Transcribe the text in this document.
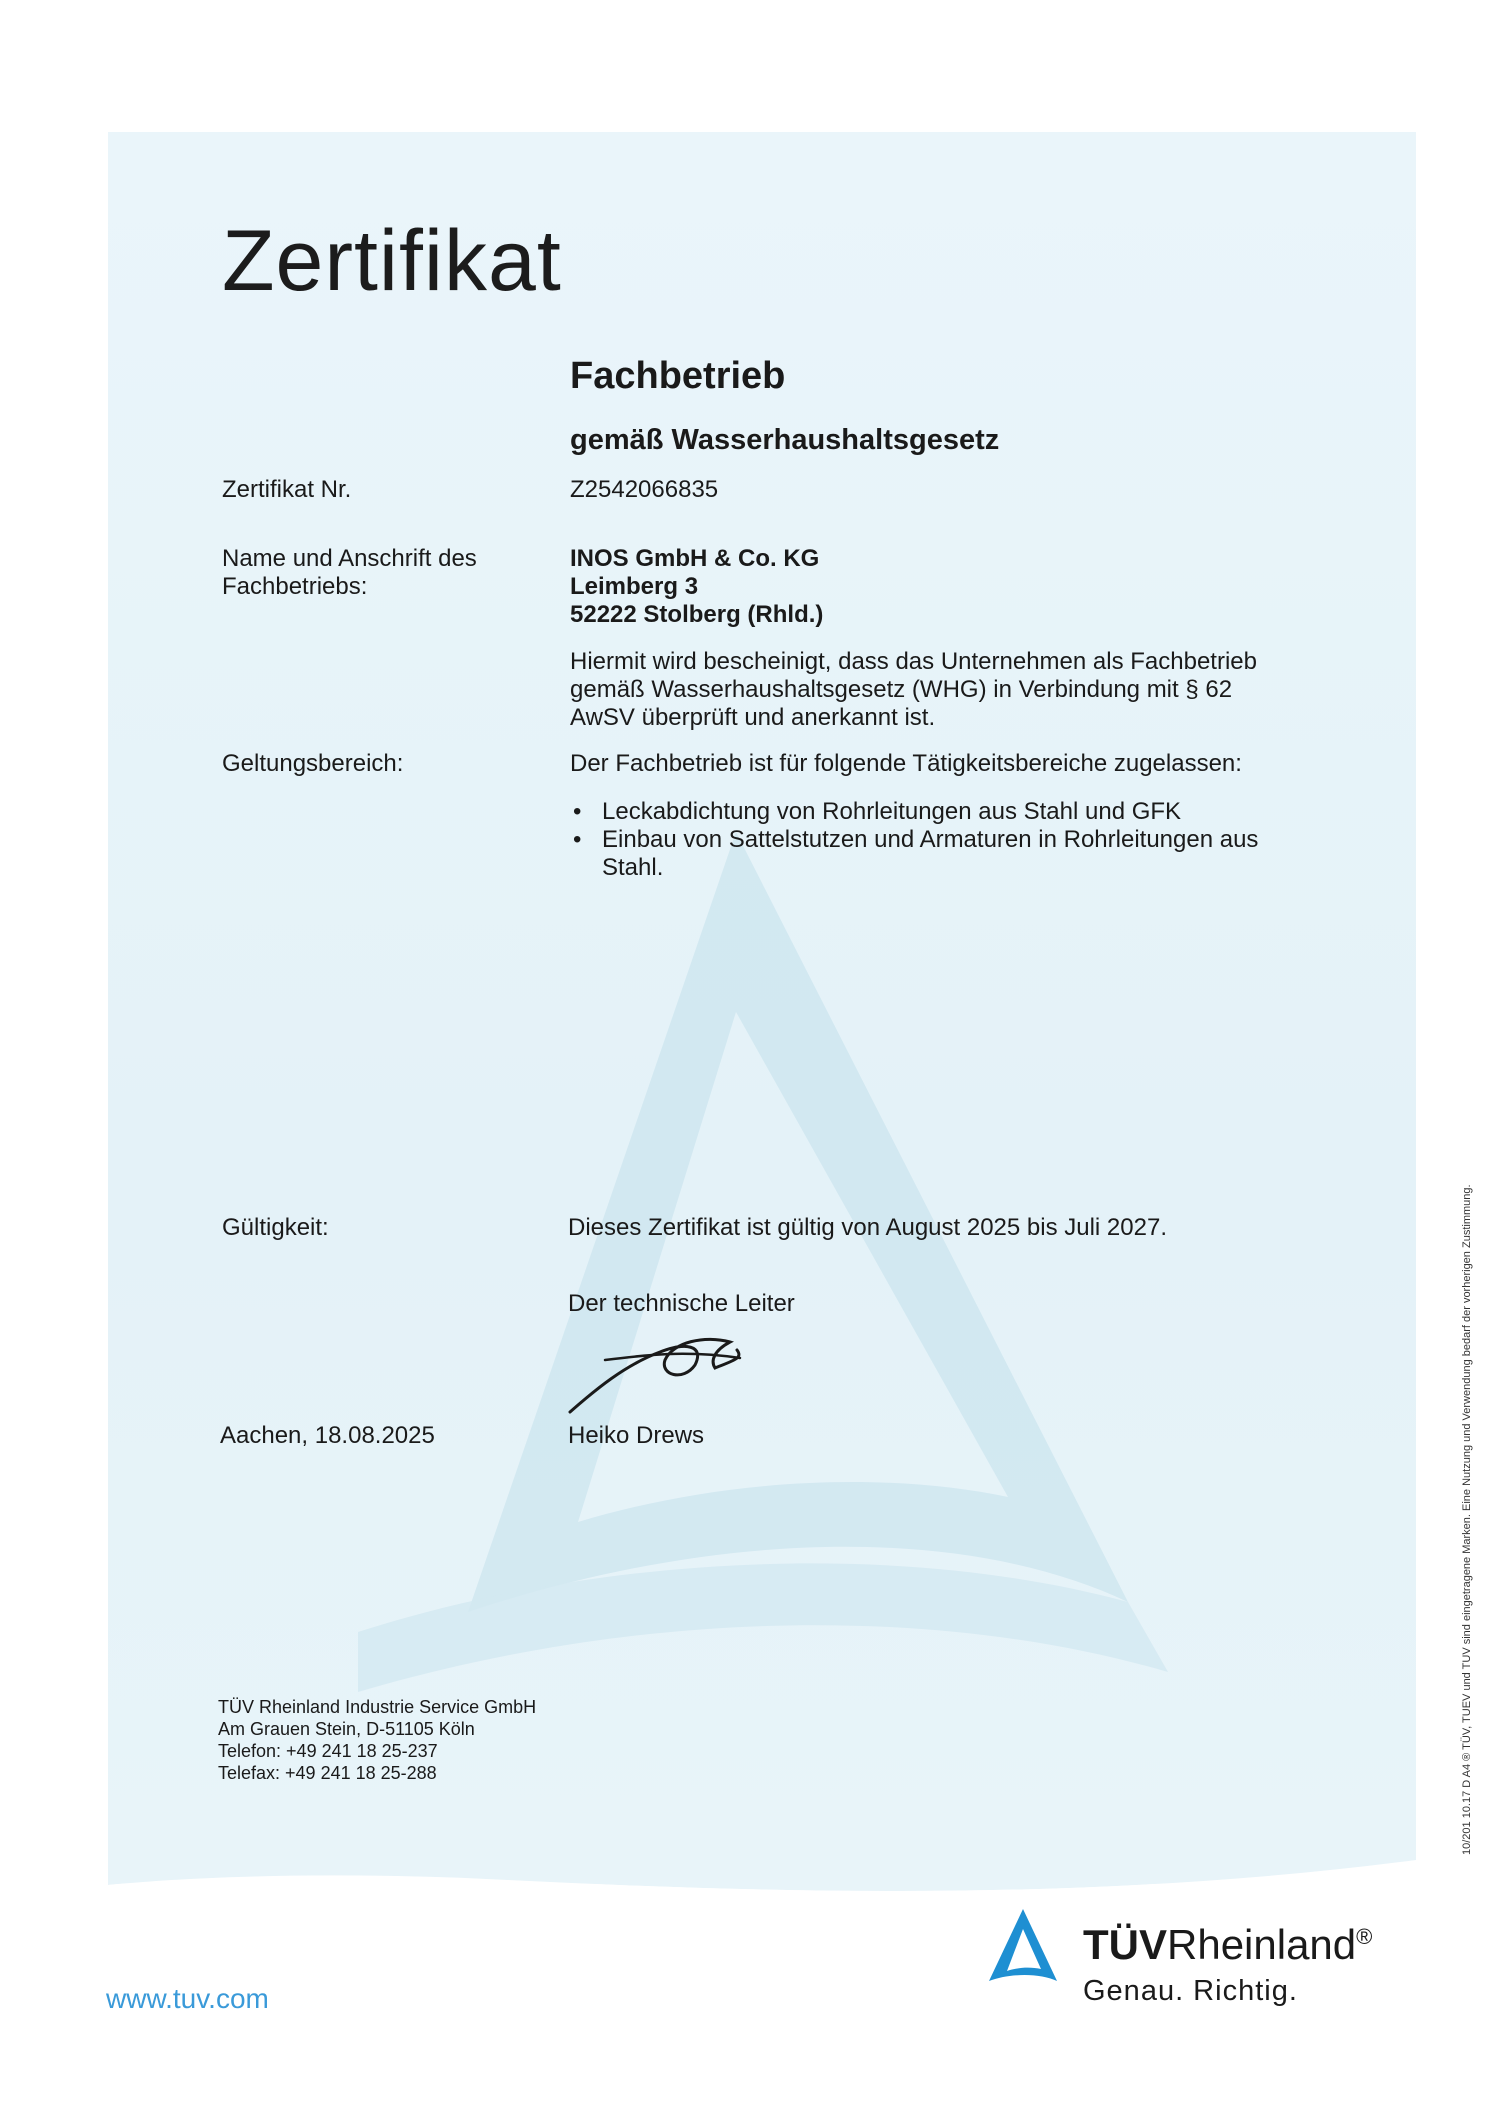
Zertifikat
Fachbetrieb
gemäß Wasserhaushaltsgesetz
Zertifikat Nr.	Z2542066835
Name und Anschrift des
Fachbetriebs:
INOS GmbH & Co. KG
Leimberg 3
52222 Stolberg (Rhld.)
Hiermit wird bescheinigt, dass das Unternehmen als Fachbetrieb
gemäß Wasserhaushaltsgesetz (WHG) in Verbindung mit § 62
AwSV überprüft und anerkannt ist.
Geltungsbereich:	Der Fachbetrieb ist für folgende Tätigkeitsbereiche zugelassen:
• Leckabdichtung von Rohrleitungen aus Stahl und GFK
• Einbau von Sattelstutzen und Armaturen in Rohrleitungen aus
Stahl.
Gültigkeit:	Dieses Zertifikat ist gültig von August 2025 bis Juli 2027.
Der technische Leiter
Heiko Drews
Aachen, 18.08.2025
TÜV Rheinland Industrie Service GmbH
Am Grauen Stein, D-51105 Köln
Telefon: +49 241 18 25-237
Telefax: +49 241 18 25-288
www.tuv.com
TÜVRheinland®
Genau. Richtig.
10/201 10.17 D A4 ® TÜV, TUEV und TUV sind eingetragene Marken. Eine Nutzung und Verwendung bedarf der vorherigen Zustimmung.
